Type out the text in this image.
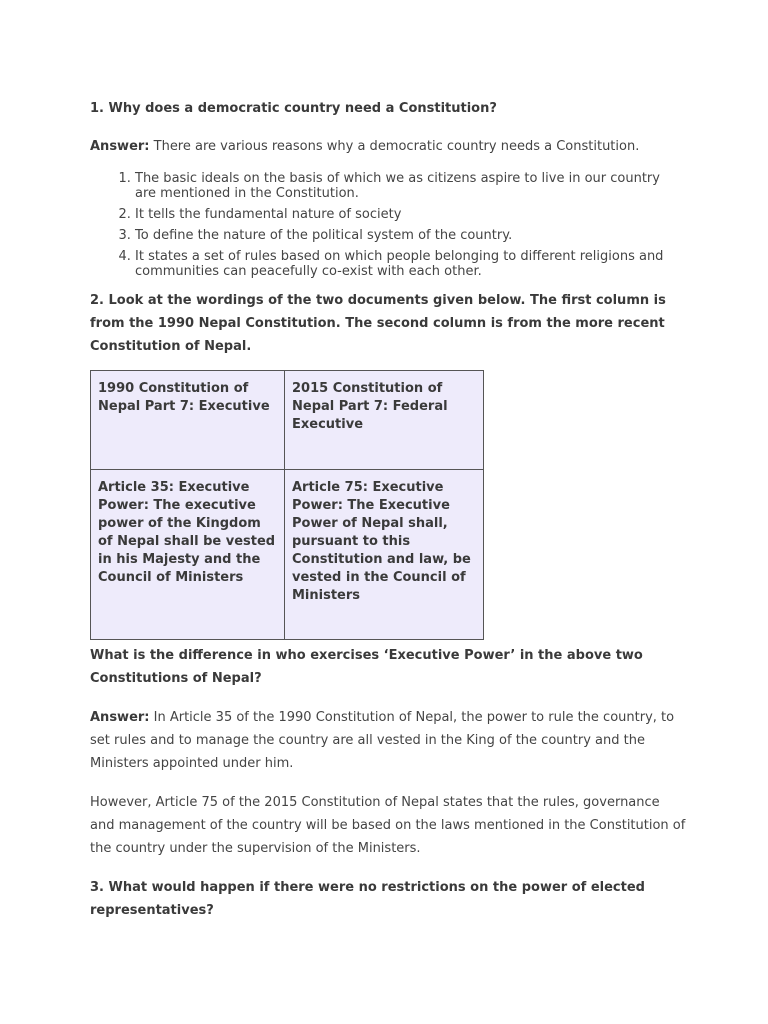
1. Why does a democratic country need a Constitution?

Answer: There are various reasons why a democratic country needs a Constitution.

1. The basic ideals on the basis of which we as citizens aspire to live in our country are mentioned in the Constitution.
2. It tells the fundamental nature of society
3. To define the nature of the political system of the country.
4. It states a set of rules based on which people belonging to different religions and communities can peacefully co-exist with each other.

2. Look at the wordings of the two documents given below. The first column is from the 1990 Nepal Constitution. The second column is from the more recent Constitution of Nepal.

1990 Constitution of Nepal Part 7: Executive	2015 Constitution of Nepal Part 7: Federal Executive
Article 35: Executive Power: The executive power of the Kingdom of Nepal shall be vested in his Majesty and the Council of Ministers	Article 75: Executive Power: The Executive Power of Nepal shall, pursuant to this Constitution and law, be vested in the Council of Ministers

What is the difference in who exercises ‘Executive Power’ in the above two Constitutions of Nepal?

Answer: In Article 35 of the 1990 Constitution of Nepal, the power to rule the country, to set rules and to manage the country are all vested in the King of the country and the Ministers appointed under him.

However, Article 75 of the 2015 Constitution of Nepal states that the rules, governance and management of the country will be based on the laws mentioned in the Constitution of the country under the supervision of the Ministers.

3. What would happen if there were no restrictions on the power of elected representatives?
